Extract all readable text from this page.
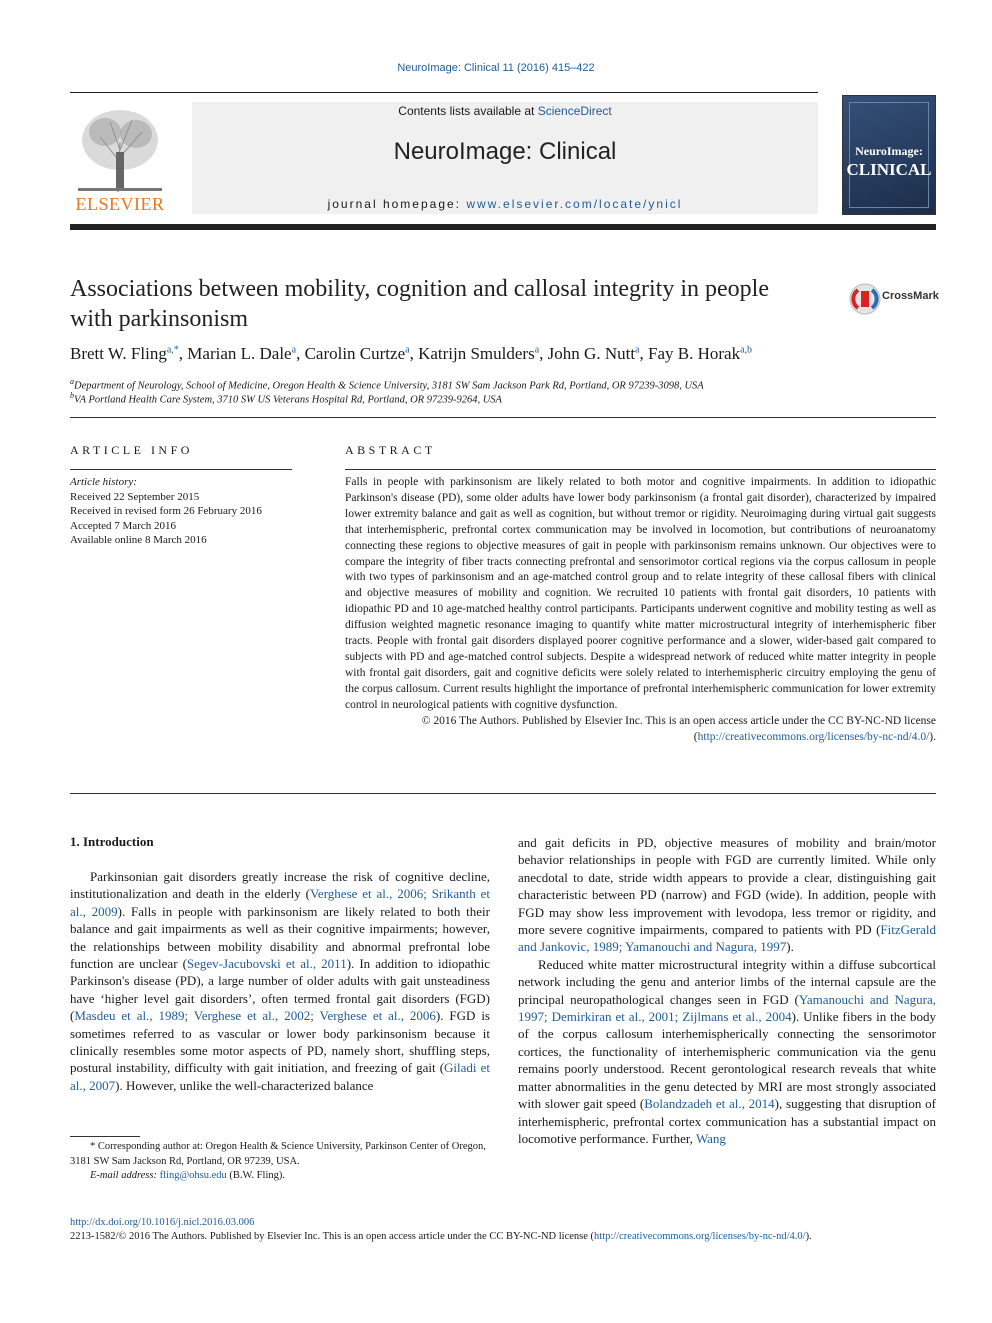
NeuroImage: Clinical 11 (2016) 415–422
ELSEVIER
Contents lists available at ScienceDirect
NeuroImage: Clinical
journal homepage: www.elsevier.com/locate/ynicl
NeuroImage:
CLINICAL
Associations between mobility, cognition and callosal integrity in people with parkinsonism
CrossMark
Brett W. Fling$^{a,*}$, Marian L. Dale$^a$, Carolin Curtze$^a$, Katrijn Smulders$^a$, John G. Nutt$^a$, Fay B. Horak$^{a,b}$
$^a$Department of Neurology, School of Medicine, Oregon Health & Science University, 3181 SW Sam Jackson Park Rd, Portland, OR 97239-3098, USA
$^b$VA Portland Health Care System, 3710 SW US Veterans Hospital Rd, Portland, OR 97239-9264, USA
ARTICLE INFO
Article history:
Received 22 September 2015
Received in revised form 26 February 2016
Accepted 7 March 2016
Available online 8 March 2016
ABSTRACT

Falls in people with parkinsonism are likely related to both motor and cognitive impairments. In addition to idiopathic Parkinson's disease (PD), some older adults have lower body parkinsonism (a frontal gait disorder), characterized by impaired lower extremity balance and gait as well as cognition, but without tremor or rigidity. Neuroimaging during virtual gait suggests that interhemispheric, prefrontal cortex communication may be involved in locomotion, but contributions of neuroanatomy connecting these regions to objective measures of gait in people with parkinsonism remains unknown. Our objectives were to compare the integrity of fiber tracts connecting prefrontal and sensorimotor cortical regions via the corpus callosum in people with two types of parkinsonism and an age-matched control group and to relate integrity of these callosal fibers with clinical and objective measures of mobility and cognition. We recruited 10 patients with frontal gait disorders, 10 patients with idiopathic PD and 10 age-matched healthy control participants. Participants underwent cognitive and mobility testing as well as diffusion weighted magnetic resonance imaging to quantify white matter microstructural integrity of interhemispheric fiber tracts. People with frontal gait disorders displayed poorer cognitive performance and a slower, wider-based gait compared to subjects with PD and age-matched control subjects. Despite a widespread network of reduced white matter integrity in people with frontal gait disorders, gait and cognitive deficits were solely related to interhemispheric circuitry employing the genu of the corpus callosum. Current results highlight the importance of prefrontal interhemispheric communication for lower extremity control in neurological patients with cognitive dysfunction.

© 2016 The Authors. Published by Elsevier Inc. This is an open access article under the CC BY-NC-ND license
(http://creativecommons.org/licenses/by-nc-nd/4.0/).

1. Introduction

Parkinsonian gait disorders greatly increase the risk of cognitive decline, institutionalization and death in the elderly (Verghese et al., 2006; Srikanth et al., 2009). Falls in people with parkinsonism are likely related to both their balance and gait impairments as well as their cognitive impairments; however, the relationships between mobility disability and abnormal prefrontal lobe function are unclear (Segev-Jacubovski et al., 2011). In addition to idiopathic Parkinson's disease (PD), a large number of older adults with gait unsteadiness have ‘higher level gait disorders’, often termed frontal gait disorders (FGD) (Masdeu et al., 1989; Verghese et al., 2002; Verghese et al., 2006). FGD is sometimes referred to as vascular or lower body parkinsonism because it clinically resembles some motor aspects of PD, namely short, shuffling steps, postural instability, difficulty with gait initiation, and freezing of gait (Giladi et al., 2007). However, unlike the well-characterized balance

and gait deficits in PD, objective measures of mobility and brain/motor behavior relationships in people with FGD are currently limited. While only anecdotal to date, stride width appears to provide a clear, distinguishing gait characteristic between PD (narrow) and FGD (wide). In addition, people with FGD may show less improvement with levodopa, less tremor or rigidity, and more severe cognitive impairments, compared to patients with PD (FitzGerald and Jankovic, 1989; Yamanouchi and Nagura, 1997).

Reduced white matter microstructural integrity within a diffuse subcortical network including the genu and anterior limbs of the internal capsule are the principal neuropathological changes seen in FGD (Yamanouchi and Nagura, 1997; Demirkiran et al., 2001; Zijlmans et al., 2004). Unlike fibers in the body of the corpus callosum interhemispherically connecting the sensorimotor cortices, the functionality of interhemispheric communication via the genu remains poorly understood. Recent gerontological research reveals that white matter abnormalities in the genu detected by MRI are most strongly associated with slower gait speed (Bolandzadeh et al., 2014), suggesting that disruption of interhemispheric, prefrontal cortex communication has a substantial impact on locomotive performance. Further, Wang

* Corresponding author at: Oregon Health & Science University, Parkinson Center of Oregon, 3181 SW Sam Jackson Rd, Portland, OR 97239, USA.
E-mail address: fling@ohsu.edu (B.W. Fling).
http://dx.doi.org/10.1016/j.nicl.2016.03.006
2213-1582/© 2016 The Authors. Published by Elsevier Inc. This is an open access article under the CC BY-NC-ND license (http://creativecommons.org/licenses/by-nc-nd/4.0/).
